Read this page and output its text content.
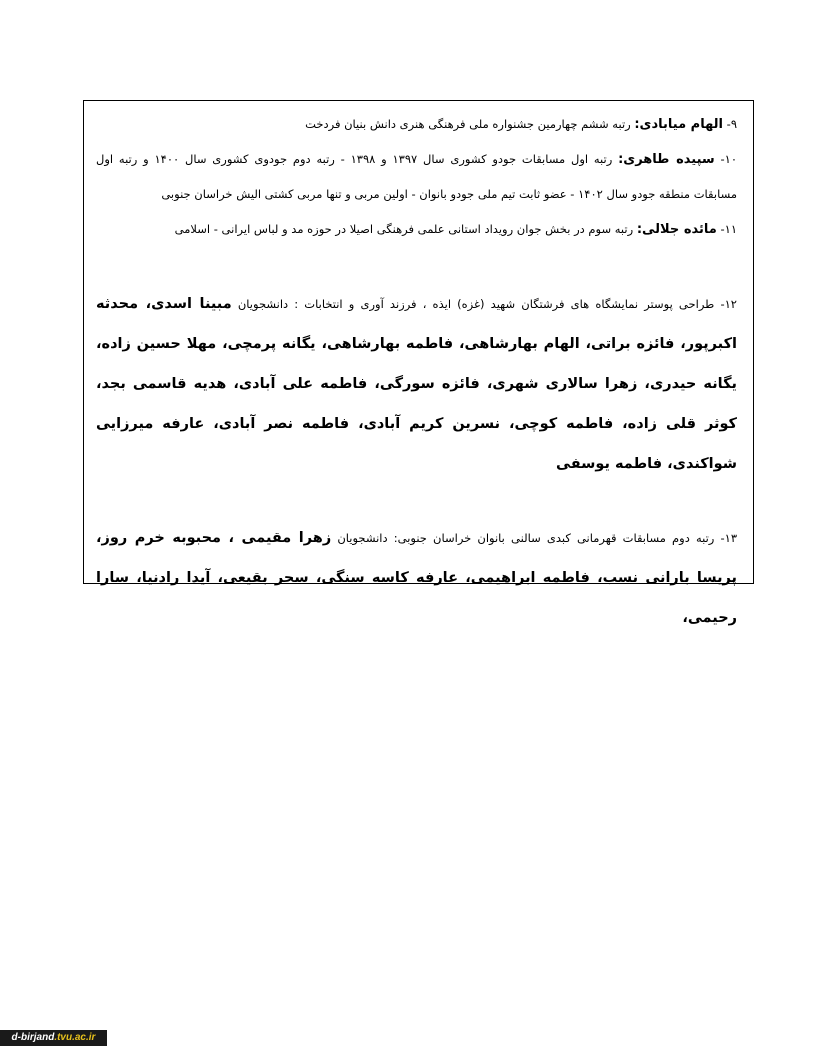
۹- الهام میابادی: رتبه ششم چهارمین جشنواره ملی فرهنگی هنری دانش بنیان فردخت

۱۰- سپیده طاهری: رتبه اول مسابقات جودو کشوری سال ۱۳۹۷ و ۱۳۹۸ - رتبه دوم جودوی کشوری سال ۱۴۰۰ و رتبه اول مسابقات منطقه جودو سال ۱۴۰۲ - عضو ثابت تیم ملی جودو بانوان - اولین مربی و تنها مربی کشتی الیش خراسان جنوبی

۱۱- مائده جلالی: رتبه سوم در بخش جوان رویداد استانی علمی فرهنگی اصیلا در حوزه مد و لباس ایرانی - اسلامی

۱۲- طراحی پوستر نمایشگاه های فرشتگان شهید (غزه) ایذه ، فرزند آوری و انتخابات : دانشجویان مبینا اسدی، محدثه اکبرپور، فائزه براتی، الهام بهارشاهی، فاطمه بهارشاهی، یگانه پرمچی، مهلا حسین زاده، یگانه حیدری، زهرا سالاری شهری، فائزه سورگی، فاطمه علی آبادی، هدیه قاسمی بجد، کوثر قلی زاده، فاطمه کوچی، نسرین کریم آبادی، فاطمه نصر آبادی، عارفه میرزایی شواکندی، فاطمه یوسفی

۱۳- رتبه دوم مسابقات قهرمانی کبدی سالنی بانوان خراسان جنوبی: دانشجویان زهرا مقیمی ، محبوبه خرم روز، پریسا بارانی نسب، فاطمه ابراهیمی، عارفه کاسه سنگی، سحر بقیعی، آیدا رادنیا، سارا رحیمی،

d-birjand.tvu.ac.ir
